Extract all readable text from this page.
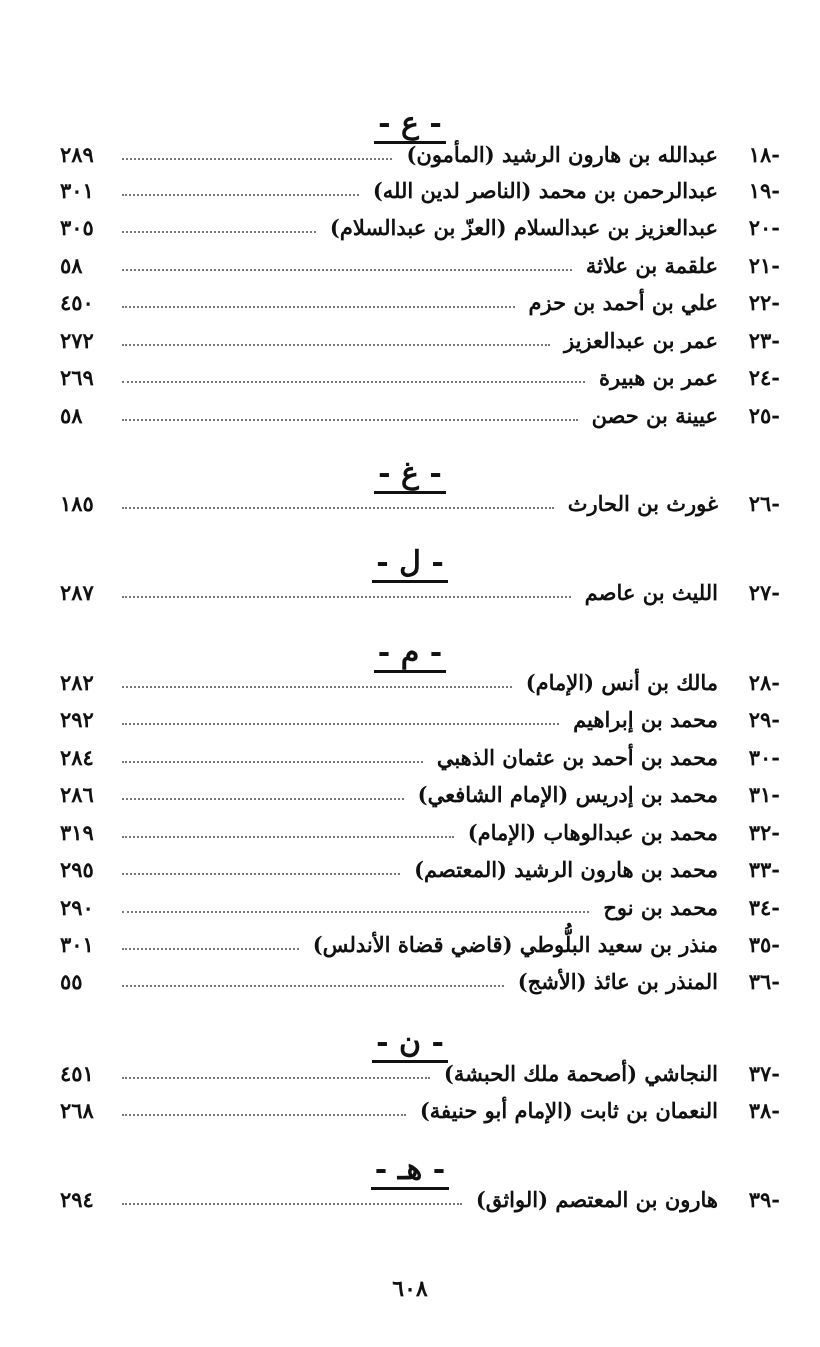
- ع -
-١٨
عبدالله بن هارون الرشيد (المأمون)
٢٨٩
-١٩
عبدالرحمن بن محمد (الناصر لدين الله)
٣٠١
-٢٠
عبدالعزيز بن عبدالسلام (العزّ بن عبدالسلام)
٣٠٥
-٢١
علقمة بن علاثة
٥٨
-٢٢
علي بن أحمد بن حزم
٤٥٠
-٢٣
عمر بن عبدالعزيز
٢٧٢
-٢٤
عمر بن هبيرة
٢٦٩
-٢٥
عيينة بن حصن
٥٨
- غ -
-٢٦
غورث بن الحارث
١٨٥
- ل -
-٢٧
الليث بن عاصم
٢٨٧
- م -
-٢٨
مالك بن أنس (الإمام)
٢٨٢
-٢٩
محمد بن إبراهيم
٢٩٢
-٣٠
محمد بن أحمد بن عثمان الذهبي
٢٨٤
-٣١
محمد بن إدريس (الإمام الشافعي)
٢٨٦
-٣٢
محمد بن عبدالوهاب (الإمام)
٣١٩
-٣٣
محمد بن هارون الرشيد (المعتصم)
٢٩٥
-٣٤
محمد بن نوح
٢٩٠
-٣٥
منذر بن سعيد البلُّوطي (قاضي قضاة الأندلس)
٣٠١
-٣٦
المنذر بن عائذ (الأشج)
٥٥
- ن -
-٣٧
النجاشي (أصحمة ملك الحبشة)
٤٥١
-٣٨
النعمان بن ثابت (الإمام أبو حنيفة)
٢٦٨
- هـ -
-٣٩
هارون بن المعتصم (الواثق)
٢٩٤
٦٠٨
